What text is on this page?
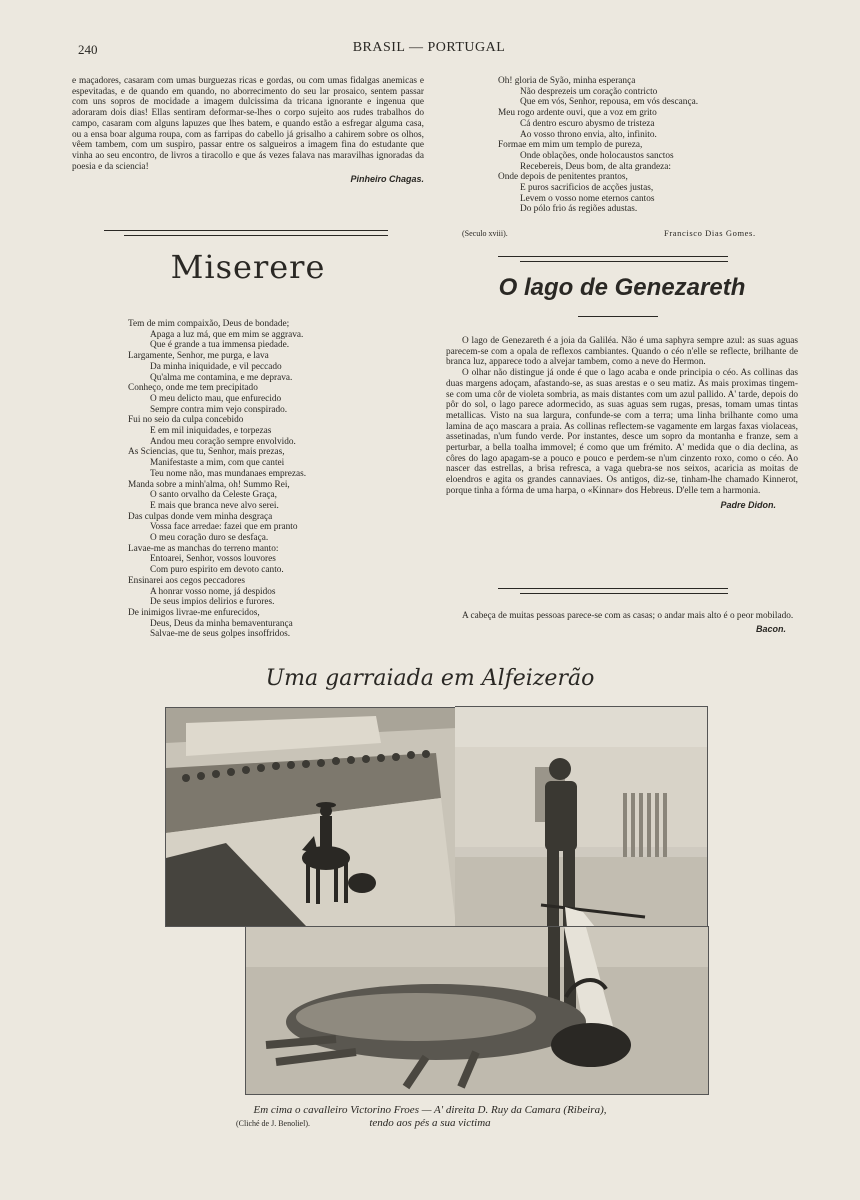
240	BRASIL — PORTUGAL

e maçadores, casaram com umas burguezas ricas e gordas, ou com umas fidalgas anemicas e espevitadas, e de quando em quando, no aborrecimento do seu lar prosaico, sentem passar com uns sopros de mocidade a imagem dulcissima da tricana ignorante e ingenua que adoraram dois dias! Ellas sentiram deformar-se-lhes o corpo sujeito aos rudes trabalhos do campo, casaram com alguns lapuzes que lhes batem, e quando estão a esfregar alguma casa, ou a ensa boar alguma roupa, com as farripas do cabello já grisalho a cahirem sobre os olhos, vêem tambem, com um suspiro, passar entre os salgueiros a imagem fina do estudante que vinha ao seu encontro, de livros a tiracollo e que ás vezes falava nas maravilhas ignoradas da poesia e da sciencia!

Pinheiro Chagas.
Miserere
Tem de mim compaixão, Deus de bondade;
Apaga a luz má, que em mim se aggrava.
Que é grande a tua immensa piedade.
Largamente, Senhor, me purga, e lava
Da minha iniquidade, e vil peccado
Qu'alma me contamina, e me deprava.
Conheço, onde me tem precipitado
O meu delicto mau, que enfurecido
Sempre contra mim vejo conspirado.
Fui no seio da culpa concebido
E em mil iniquidades, e torpezas
Andou meu coração sempre envolvido.
As Sciencias, que tu, Senhor, mais prezas,
Manifestaste a mim, com que cantei
Teu nome não, mas mundanaes emprezas.
Manda sobre a minh'alma, oh! Summo Rei,
O santo orvalho da Celeste Graça,
E mais que branca neve alvo serei.
Das culpas donde vem minha desgraça
Vossa face arredae: fazei que em pranto
O meu coração duro se desfaça.
Lavae-me as manchas do terreno manto:
Entoarei, Senhor, vossos louvores
Com puro espirito em devoto canto.
Ensinarei aos cegos peccadores
A honrar vosso nome, já despidos
De seus impios delirios e furores.
De inimigos livrae-me enfurecidos,
Deus, Deus da minha bemaventurança
Salvae-me de seus golpes insoffridos.
Oh! gloria de Syão, minha esperança
Não desprezeis um coração contricto
Que em vós, Senhor, repousa, em vós descança.
Meu rogo ardente ouvi, que a voz em grito
Cá dentro escuro abysmo de tristeza
Ao vosso throno envia, alto, infinito.
Formae em mim um templo de pureza,
Onde oblações, onde holocaustos sanctos
Recebereis, Deus bom, de alta grandeza:
Onde depois de penitentes prantos,
E puros sacrificios de acções justas,
Levem o vosso nome eternos cantos
Do pólo frio ás regiões adustas.
(Seculo xviii).	Francisco Dias Gomes.
O lago de Genezareth

O lago de Genezareth é a joia da Galiléa. Não é uma saphyra sempre azul: as suas aguas parecem-se com a opala de reflexos cambiantes. Quando o céo n'elle se reflecte, brilhante de branca luz, apparece todo a alvejar tambem, como a neve do Hermon.

O olhar não distingue já onde é que o lago acaba e onde principia o céo. As collinas das duas margens adoçam, afastando-se, as suas arestas e o seu matiz. As mais proximas tingem-se com uma côr de violeta sombria, as mais distantes com um azul pallido. A' tarde, depois do pôr do sol, o lago parece adormecido, as suas aguas sem rugas, presas, tomam umas tintas metallicas. Visto na sua largura, confunde-se com a terra; uma linha brilhante como uma lamina de aço mascara a praia. As collinas reflectem-se vagamente em largas faxas violaceas, assetinadas, n'um fundo verde. Por instantes, desce um sopro da montanha e franze, sem a perturbar, a bella toalha immovel; é como que um frémito. A' medida que o dia declina, as côres do lago apagam-se a pouco e pouco e perdem-se n'um cinzento roxo, como o céo. Ao nascer das estrellas, a brisa refresca, a vaga quebra-se nos seixos, acaricia as moitas de eloendros e agita os grandes cannaviaes. Os antigos, diz-se, tinham-lhe chamado Kinnerot, porque tinha a fórma de uma harpa, o «Kinnar» dos Hebreus. D'elle tem a harmonia.

Padre Didon.
A cabeça de muitas pessoas parece-se com as casas; o andar mais alto é o peor mobilado.
Bacon.
Uma garraiada em Alfeizerão
Em cima o cavalleiro Victorino Froes — A' direita D. Ruy da Camara (Ribeira),
tendo aos pés a sua victima
(Cliché de J. Benoliel).
